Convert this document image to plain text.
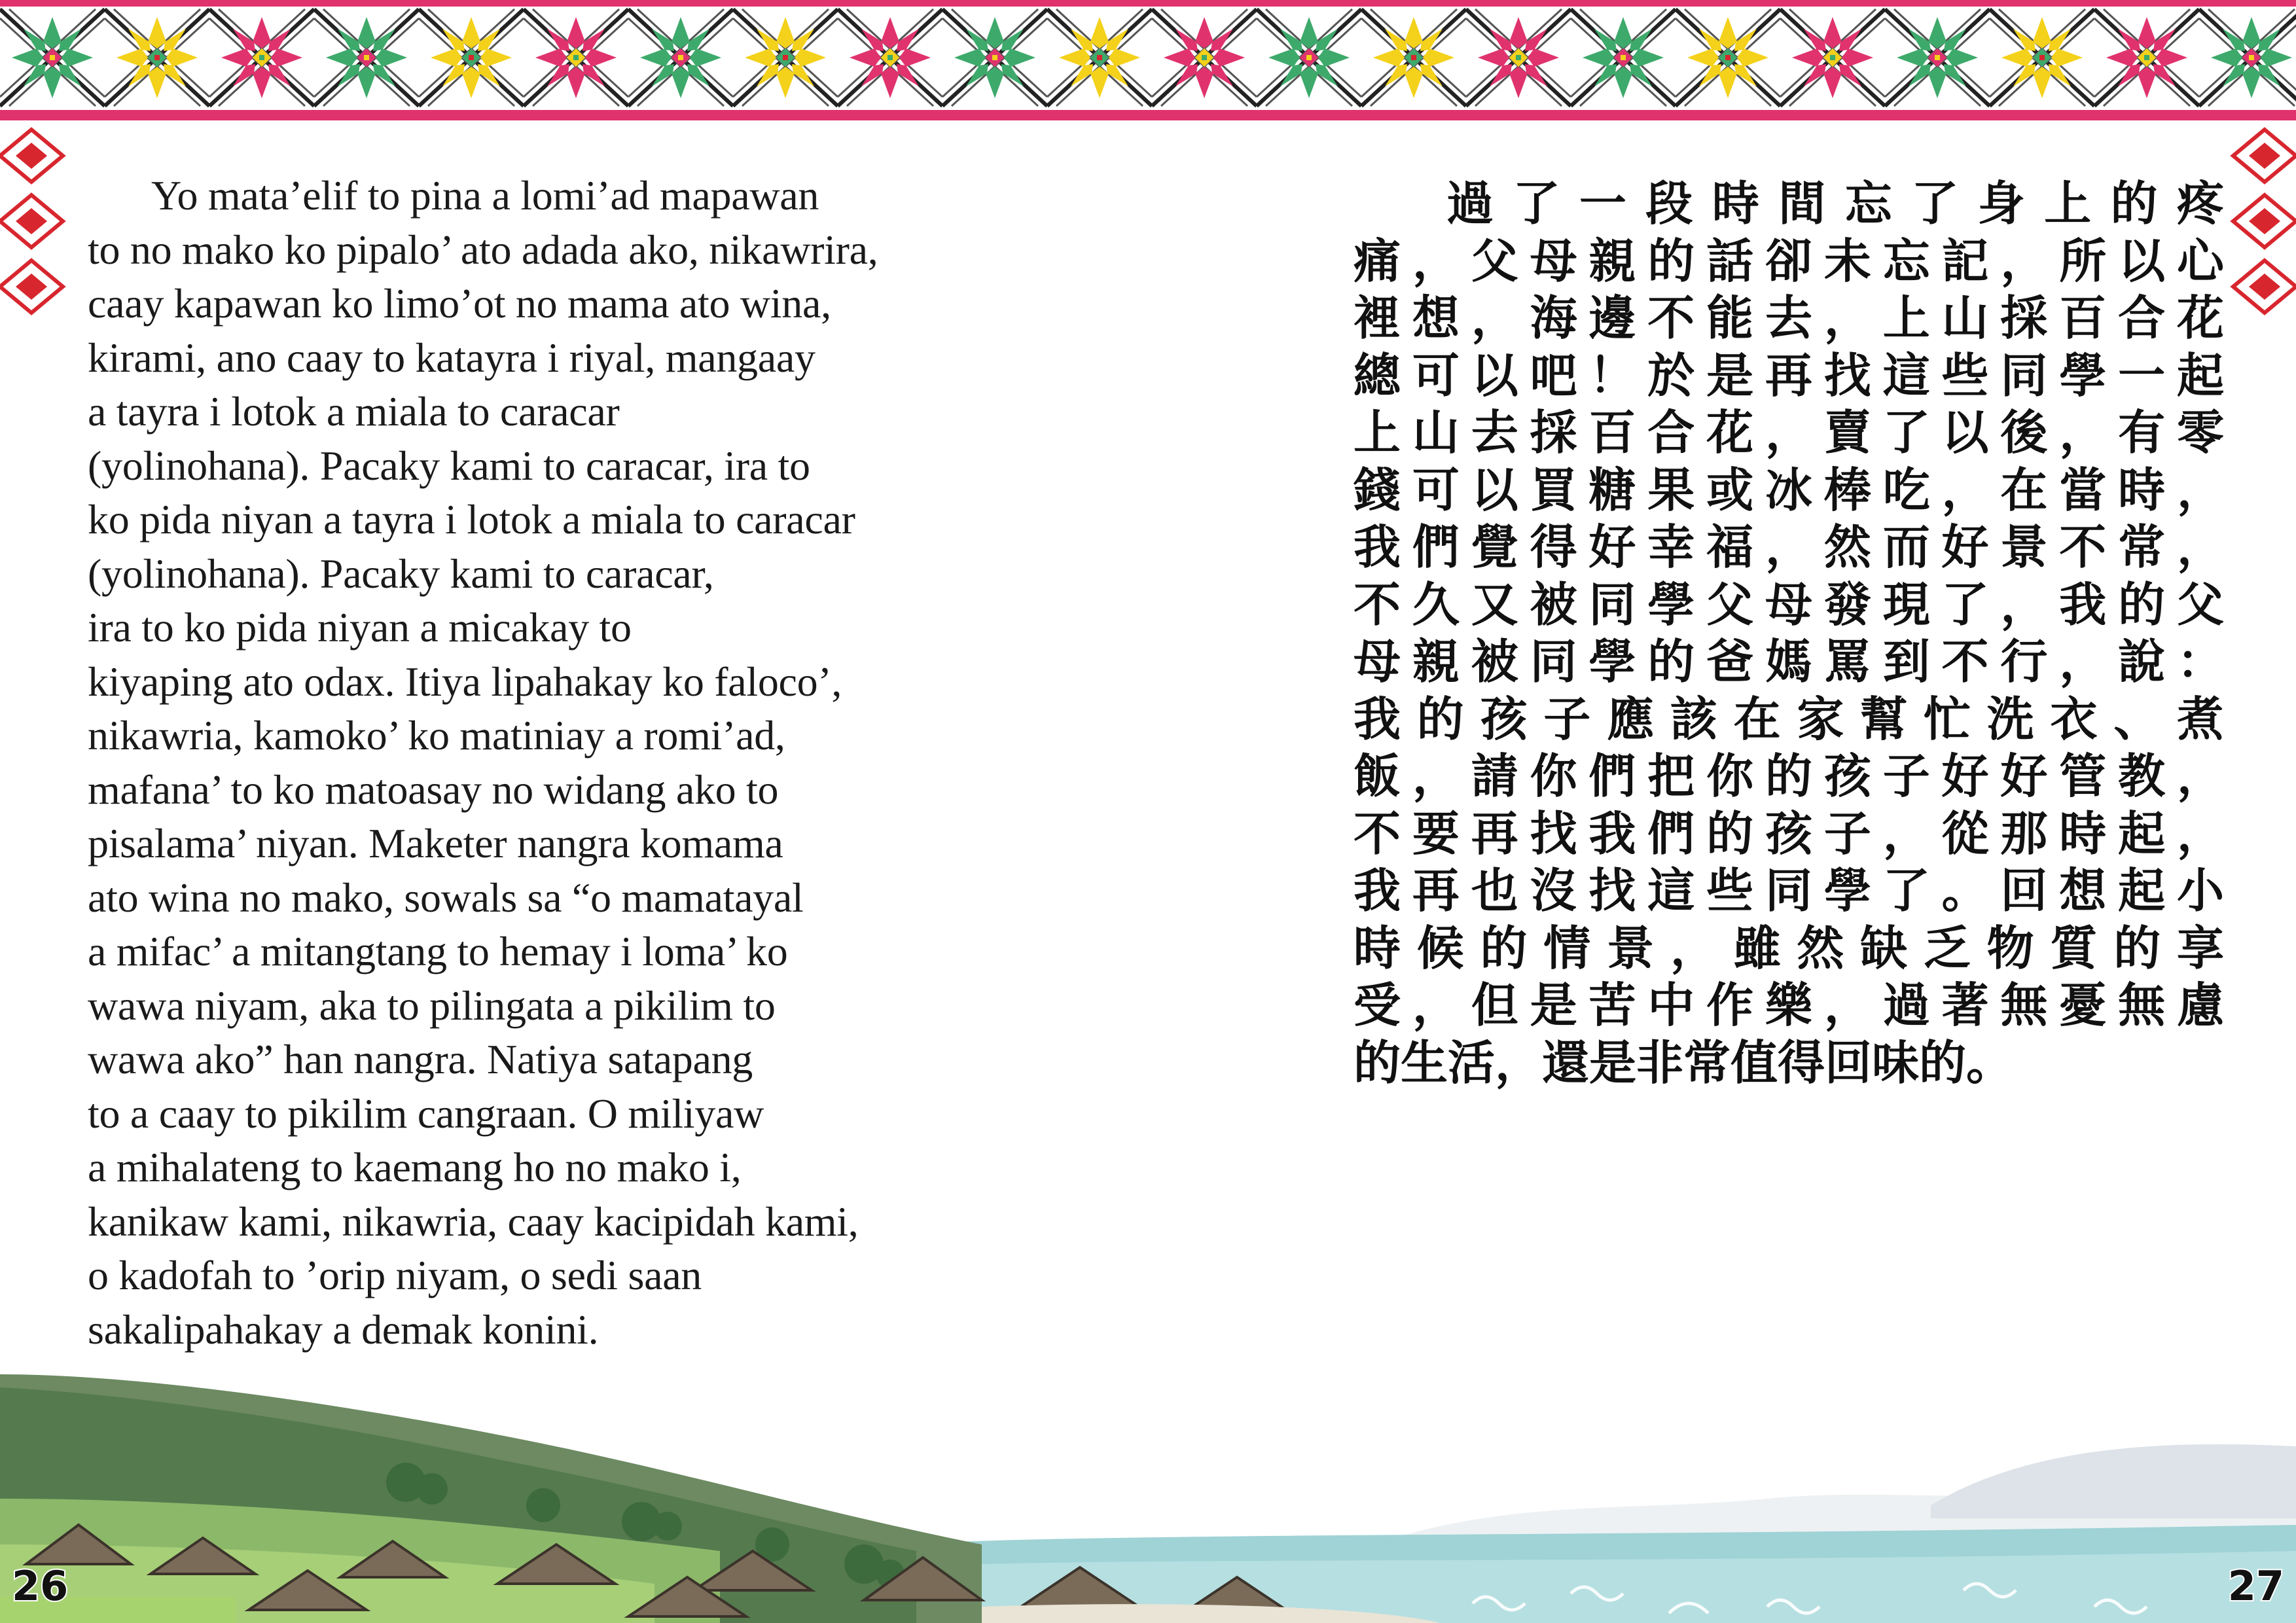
Yo mata’elif to pina a lomi’ad mapawan
to no mako ko pipalo’ ato adada ako, nikawrira,
caay kapawan ko limo’ot no mama ato wina,
kirami, ano caay to katayra i riyal, mangaay
a tayra i lotok a miala to caracar
(yolinohana). Pacaky kami to caracar, ira to
ko pida niyan a tayra i lotok a miala to caracar
(yolinohana). Pacaky kami to caracar,
ira to ko pida niyan a micakay to
kiyaping ato odax. Itiya lipahakay ko faloco’,
nikawria, kamoko’ ko matiniay a romi’ad,
mafana’ to ko matoasay no widang ako to
pisalama’ niyan. Maketer nangra komama
ato wina no mako, sowals sa “o mamatayal
a mifac’ a mitangtang to hemay i loma’ ko
wawa niyam, aka to pilingata a pikilim to
wawa ako” han nangra. Natiya satapang
to a caay to pikilim cangraan. O miliyaw
a mihalateng to kaemang ho no mako i,
kanikaw kami, nikawria, caay kacipidah kami,
o kadofah to ’orip niyam, o sedi saan
sakalipahakay a demak konini.
過了一段時間忘了身上的疼
痛，父母親的話卻未忘記，所以心
裡想，海邊不能去，上山採百合花
總可以吧！於是再找這些同學一起
上山去採百合花，賣了以後，有零
錢可以買糖果或冰棒吃，在當時，
我們覺得好幸福，然而好景不常，
不久又被同學父母發現了，我的父
母親被同學的爸媽罵到不行，說：
我的孩子應該在家幫忙洗衣、煮
飯，請你們把你的孩子好好管教，
不要再找我們的孩子，從那時起，
我再也沒找這些同學了。回想起小
時候的情景，雖然缺乏物質的享
受，但是苦中作樂，過著無憂無慮
的生活，還是非常值得回味的。
26	27
